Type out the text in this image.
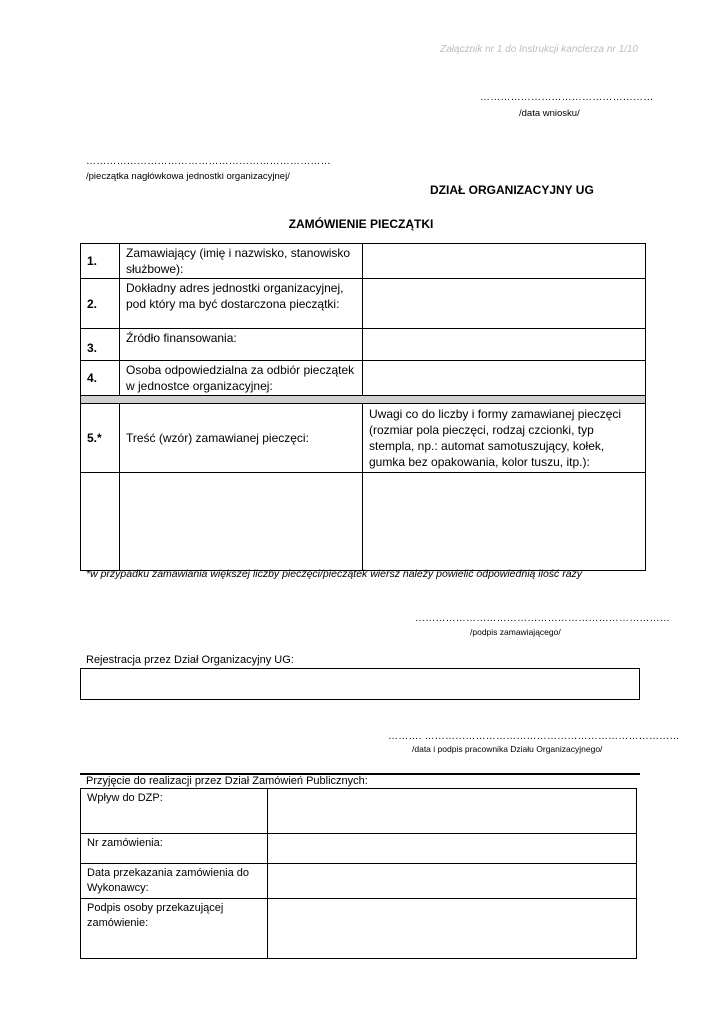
Załącznik nr 1 do Instrukcji kanclerza nr 1/10
……………………………………………
/data wniosku/
………………………………………………………………
/pieczątka nagłówkowa jednostki organizacyjnej/
DZIAŁ ORGANIZACYJNY UG
ZAMÓWIENIE PIECZĄTKI
1.	Zamawiający (imię i nazwisko, stanowisko służbowe):	
2.	Dokładny adres jednostki organizacyjnej, pod który ma być dostarczona pieczątki:	
3.	Źródło finansowania:	
4.	Osoba odpowiedzialna za odbiór pieczątek w jednostce organizacyjnej:	

5.*	Treść (wzór) zamawianej pieczęci:	Uwagi co do liczby i formy zamawianej pieczęci (rozmiar pola pieczęci, rodzaj czcionki, typ stempla, np.: automat samotuszujący, kołek, gumka bez opakowania, kolor tuszu, itp.):

*w przypadku zamawiania większej liczby pieczęci/pieczątek wiersz należy powielić odpowiednią ilość razy
…………………………………………………………………
/podpis zamawiającego/
Rejestracja przez Dział Organizacyjny UG:
………. …………………………………………………………………
/data i podpis pracownika Działu Organizacyjnego/
Przyjęcie do realizacji przez Dział Zamówień Publicznych:
Wpływ do DZP:	
Nr zamówienia:	
Data przekazania zamówienia do Wykonawcy:	
Podpis osoby przekazującej zamówienie:	
